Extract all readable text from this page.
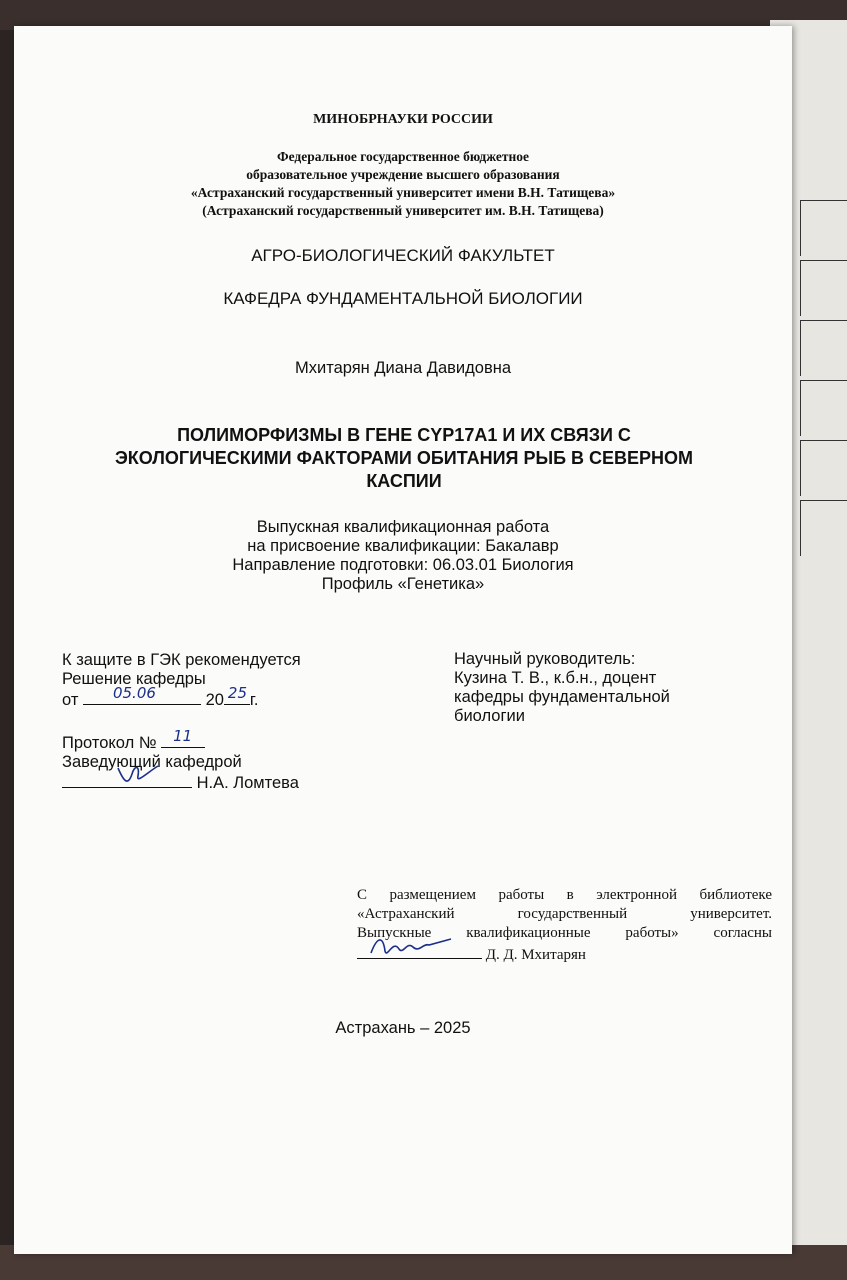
МИНОБРНАУКИ РОССИИ
Федеральное государственное бюджетное
образовательное учреждение высшего образования
«Астраханский государственный университет имени В.Н. Татищева»
(Астраханский государственный университет им. В.Н. Татищева)
АГРО-БИОЛОГИЧЕСКИЙ ФАКУЛЬТЕТ
КАФЕДРА ФУНДАМЕНТАЛЬНОЙ БИОЛОГИИ
Мхитарян Диана Давидовна
ПОЛИМОРФИЗМЫ В ГЕНЕ CYP17A1 И ИХ СВЯЗИ С
ЭКОЛОГИЧЕСКИМИ ФАКТОРАМИ ОБИТАНИЯ РЫБ В СЕВЕРНОМ
КАСПИИ
Выпускная квалификационная работа
на присвоение квалификации: Бакалавр
Направление подготовки: 06.03.01 Биология
Профиль «Генетика»
К защите в ГЭК рекомендуется
Решение кафедры
от 05.06	20 25 г.
Протокол № 11
Заведующий кафедрой
Н.А. Ломтева
Научный руководитель:
Кузина Т. В., к.б.н., доцент
кафедры фундаментальной
биологии
С размещением работы в электронной библиотеке
«Астраханский государственный университет.
Выпускные квалификационные работы» согласны
Д. Д. Мхитарян
Астрахань – 2025
